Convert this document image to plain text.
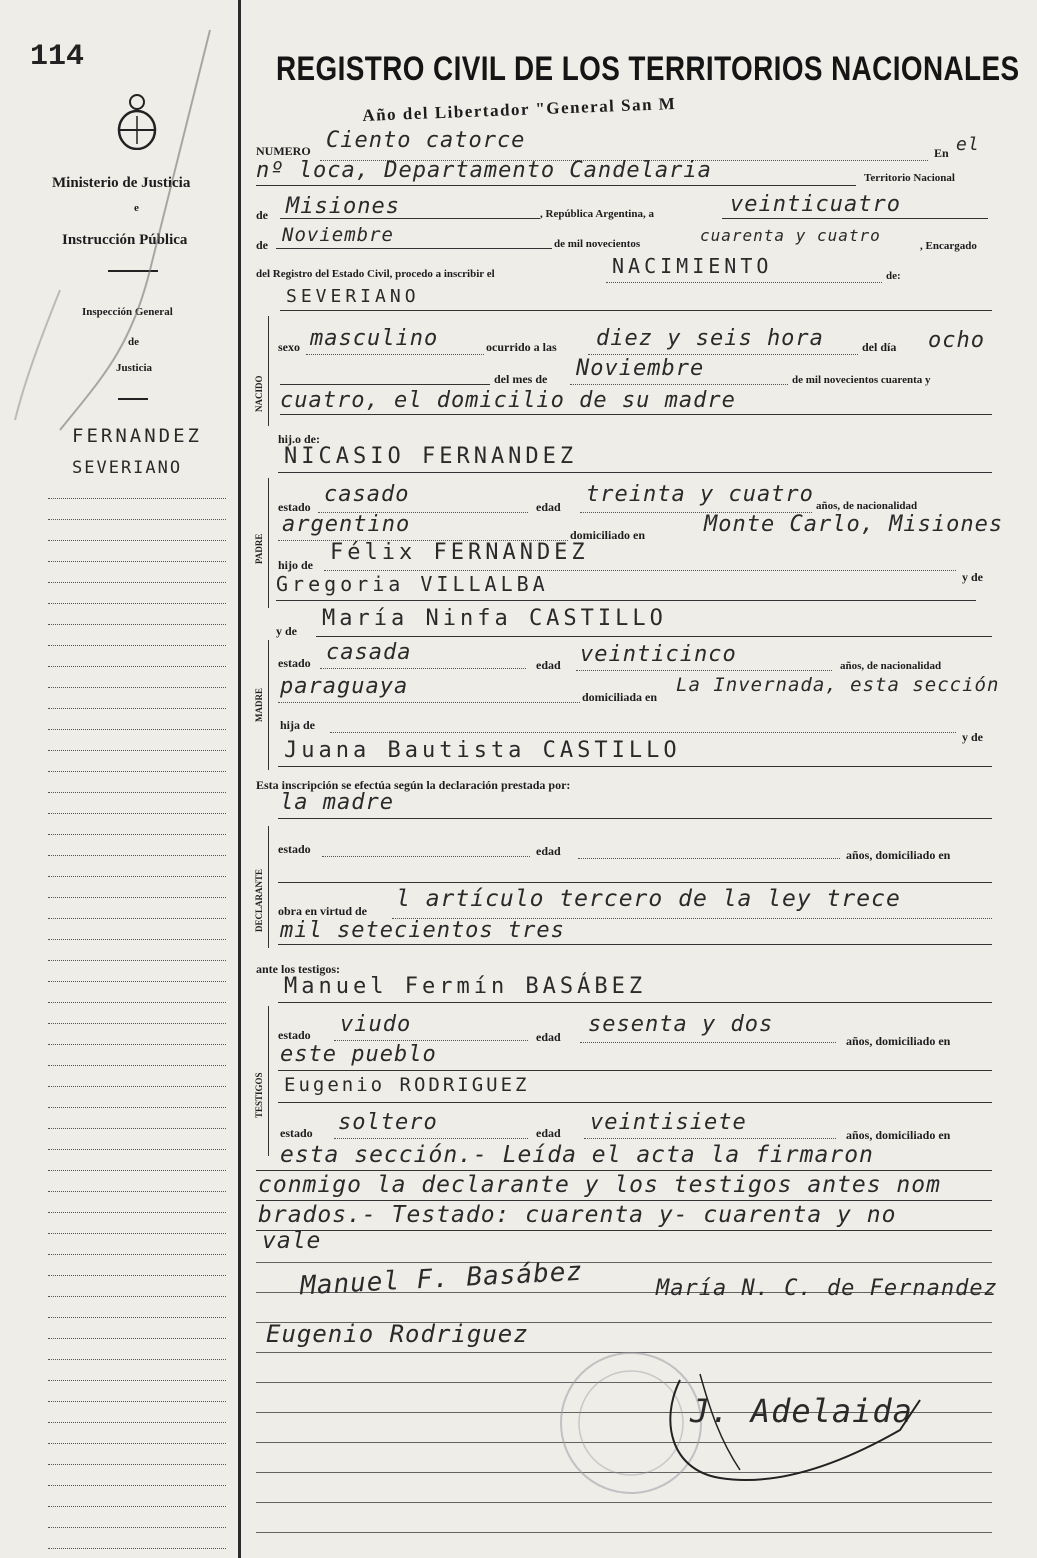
114
Ministerio de Justicia
e
Instrucción Pública
Inspección General
de
Justicia
FERNANDEZ
SEVERIANO
REGISTRO CIVIL DE LOS TERRITORIOS NACIONALES
Año del Libertador "General San M
NUMERO Ciento catorce	En el
nº loca, Departamento Candelaria	Territorio Nacional
de Misiones	, República Argentina, a	veinticuatro
de Noviembre	de mil novecientos	cuarenta y cuatro
, Encargado
del Registro del Estado Civil, procedo a inscribir el	NACIMIENTO	de:
SEVERIANO
NACIDO
sexo masculino	ocurrido a las diez y seis hora	del día ocho
del mes de Noviembre	de mil novecientos cuarenta y
cuatro, el domicilio de su madre
hij.o de:
NICASIO FERNANDEZ
PADRE
estado casado	edad treinta y cuatro años, de nacionalidad
argentino	domiciliado en	Monte Carlo, Misiones
hijo de Félix FERNANDEZ
y de
Gregoria VILLALBA
y de María Ninfa CASTILLO
MADRE
estado casada	edad veinticinco	años, de nacionalidad
paraguaya	domiciliada en
La Invernada, esta sección
hija de
y de
Juana Bautista CASTILLO
Esta inscripción se efectúa según la declaración prestada por:
la madre
DECLARANTE
estado	edad	años, domiciliado en
obra en virtud de l artículo tercero de la ley trece
mil setecientos tres
ante los testigos:
Manuel Fermín BASÁBEZ
TESTIGOS
estado viudo	edad sesenta y dos
años, domiciliado en
este pueblo
Eugenio RODRIGUEZ
estado soltero	edad veintisiete	años, domiciliado en
esta sección.- Leída el acta la firmaron
conmigo la declarante y los testigos antes nom
brados.- Testado: cuarenta y- cuarenta y no
vale
Manuel F. Basábez	María N. C. de Fernandez
Eugenio Rodriguez
J. Adelaida
